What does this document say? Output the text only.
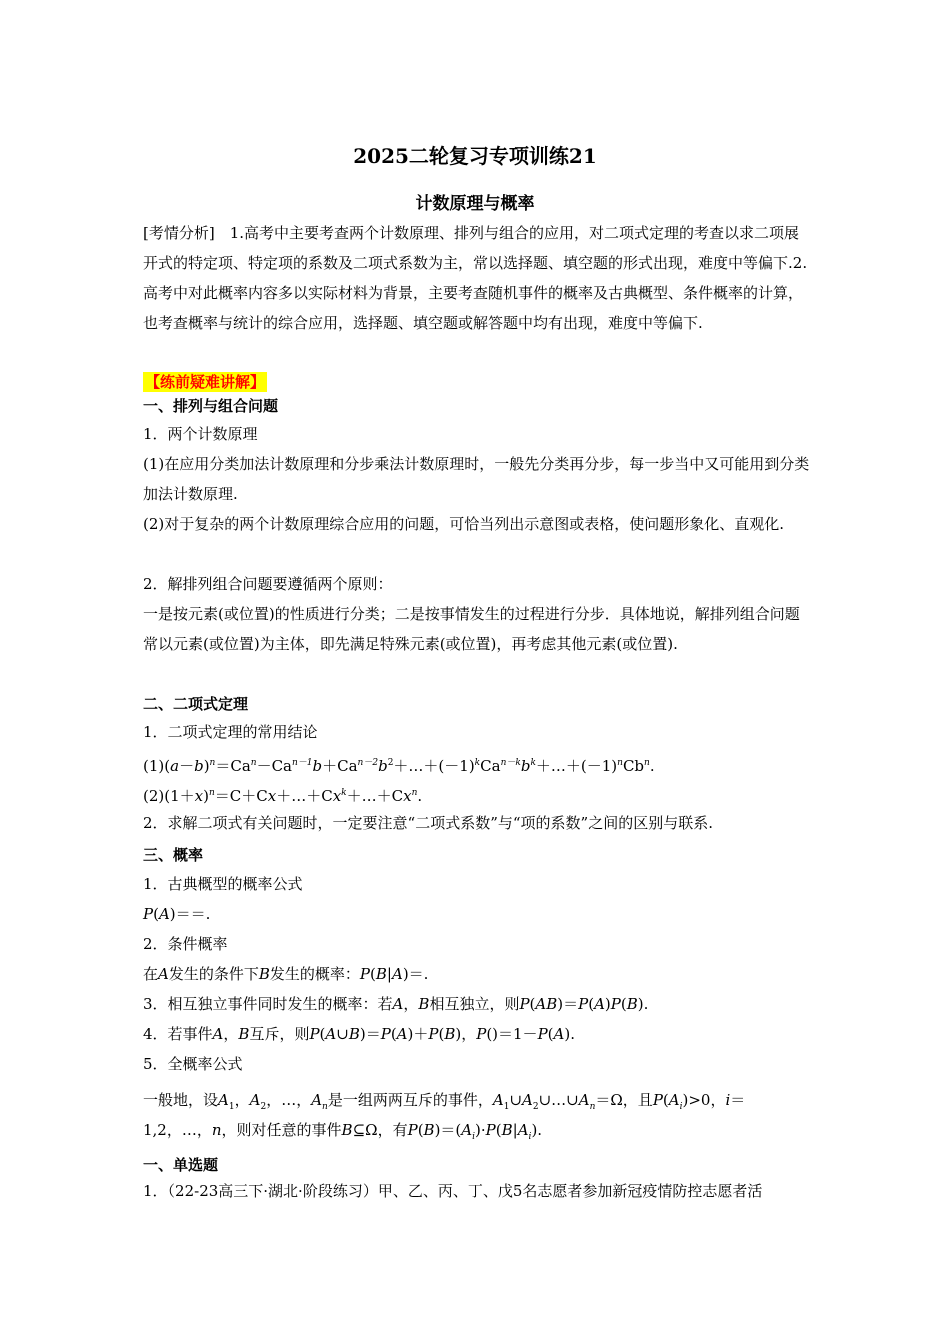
2025二轮复习专项训练21
计数原理与概率
[考情分析]　1.高考中主要考查两个计数原理、排列与组合的应用，对二项式定理的考查以求二项展开式的特定项、特定项的系数及二项式系数为主，常以选择题、填空题的形式出现，难度中等偏下.2.高考中对此概率内容多以实际材料为背景，主要考查随机事件的概率及古典概型、条件概率的计算，也考查概率与统计的综合应用，选择题、填空题或解答题中均有出现，难度中等偏下.
【练前疑难讲解】
一、排列与组合问题
1．两个计数原理
(1)在应用分类加法计数原理和分步乘法计数原理时，一般先分类再分步，每一步当中又可能用到分类加法计数原理.
(2)对于复杂的两个计数原理综合应用的问题，可恰当列出示意图或表格，使问题形象化、直观化.
2．解排列组合问题要遵循两个原则：
一是按元素(或位置)的性质进行分类；二是按事情发生的过程进行分步．具体地说，解排列组合问题常以元素(或位置)为主体，即先满足特殊元素(或位置)，再考虑其他元素(或位置).
二、二项式定理
1．二项式定理的常用结论
$(1)(a-b)^n=Ca^n-Ca^{n-1}b+Ca^{n-2}b^2+\dots+(-1)^kCa^{n-k}b^k+\dots+(-1)^nCb^n$.
$(2)(1+x)^n=C+Cx+\dots+Cx^k+\dots+Cx^n$.
2．求解二项式有关问题时，一定要注意“二项式系数”与“项的系数”之间的区别与联系.
三、概率
1．古典概型的概率公式
P(A)＝＝.
2．条件概率
在A发生的条件下B发生的概率：P(B|A)＝.
3．相互独立事件同时发生的概率：若A，B相互独立，则P(AB)＝P(A)P(B).
4．若事件A，B互斥，则P(A∪B)＝P(A)＋P(B)，P()＝1－P(A).
5．全概率公式
一般地，设$A_1$，$A_2$，…，$A_n$是一组两两互斥的事件，$A_1\cup A_2\cup\dots\cup A_n=\Omega$，且$P(A_i)>0$，i＝
1,2，…，n，则对任意的事件B⊆Ω，有$P(B)=(A_i)\cdot P(B|A_i)$.
一、单选题
1．（22-23高三下·湖北·阶段练习）甲、乙、丙、丁、戊5名志愿者参加新冠疫情防控志愿者活
